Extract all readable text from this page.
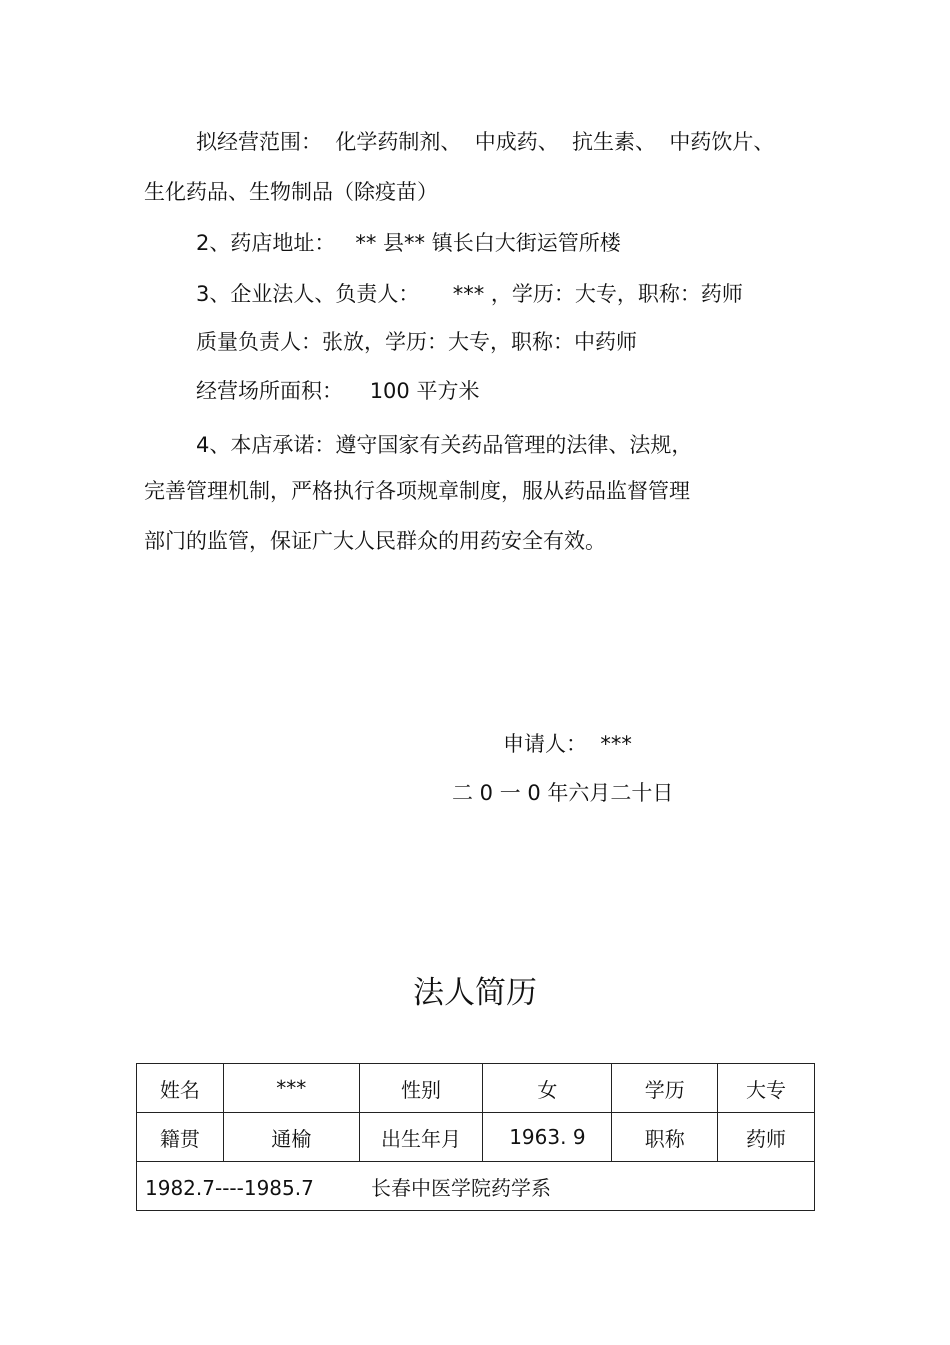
拟经营范围：  化学药制剂、  中成药、  抗生素、  中药饮片、
生化药品、生物制品（除疫苗）
2、药店地址：   ** 县** 镇长白大街运管所楼
3、企业法人、负责人：     *** ，学历：大专，职称：药师
质量负责人：张放，学历：大专，职称：中药师
经营场所面积：    100 平方米
4、本店承诺：遵守国家有关药品管理的法律、法规，
完善管理机制，严格执行各项规章制度，服从药品监督管理
部门的监管，保证广大人民群众的用药安全有效。
申请人：  ***
二 0 一 0 年六月二十日
法人简历
姓名	***	性别	女	学历	大专
籍贯	通榆	出生年月	1963. 9	职称	药师
1982.7----1985.7 长春中医学院药学系					
